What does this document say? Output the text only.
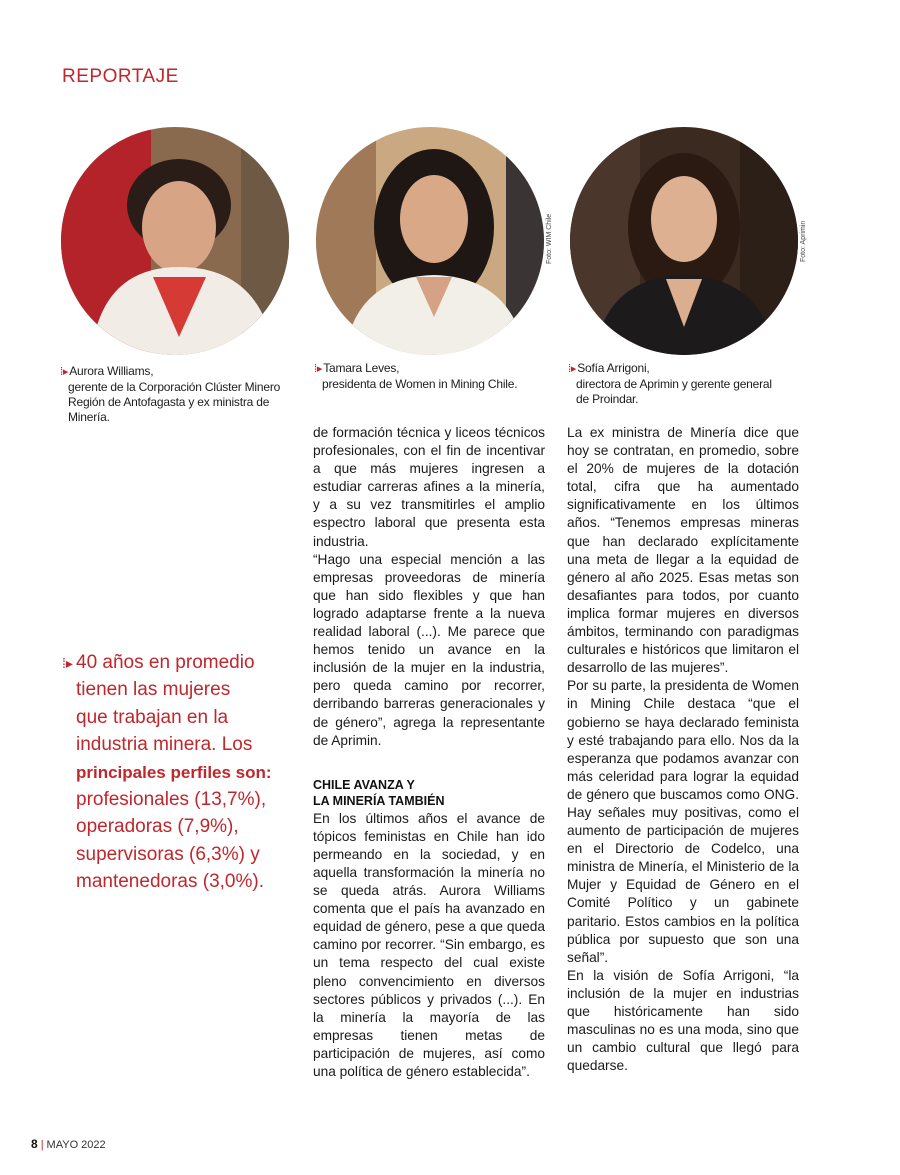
REPORTAJE
Foto: WIM Chile	Foto: Aprimin
⁞▸Aurora Williams,
gerente de la Corporación Clúster Minero
Región de Antofagasta y ex ministra de
Minería.
⁞▸Tamara Leves,
presidenta de Women in Mining Chile.
⁞▸Sofía Arrigoni,
directora de Aprimin y gerente general
de Proindar.
⁞▸ 40 años en promedio
tienen las mujeres
que trabajan en la
industria minera. Los
principales perfiles son:
profesionales (13,7%),
operadoras (7,9%),
supervisoras (6,3%) y
mantenedoras (3,0%).

de formación técnica y liceos técnicos profesionales, con el fin de incentivar a que más mujeres ingresen a estudiar carreras afines a la minería, y a su vez transmitirles el amplio espectro laboral que presenta esta industria.

“Hago una especial mención a las empresas proveedoras de minería que han sido flexibles y que han logrado adaptarse frente a la nueva realidad laboral (...). Me parece que hemos tenido un avance en la inclusión de la mujer en la industria, pero queda camino por recorrer, derribando barreras generacionales y de género”, agrega la representante de Aprimin.

CHILE AVANZA Y
LA MINERÍA TAMBIÉN

En los últimos años el avance de tópicos feministas en Chile han ido permeando en la sociedad, y en aquella transformación la minería no se queda atrás. Aurora Williams comenta que el país ha avanzado en equidad de género, pese a que queda camino por recorrer. “Sin embargo, es un tema respecto del cual existe pleno convencimiento en diversos sectores públicos y privados (...). En la minería la mayoría de las empresas tienen metas de participación de mujeres, así como una política de género establecida”.

La ex ministra de Minería dice que hoy se contratan, en promedio, sobre el 20% de mujeres de la dotación total, cifra que ha aumentado significativamente en los últimos años. “Tenemos empresas mineras que han declarado explícitamente una meta de llegar a la equidad de género al año 2025. Esas metas son desafiantes para todos, por cuanto implica formar mujeres en diversos ámbitos, terminando con paradigmas culturales e históricos que limitaron el desarrollo de las mujeres”.

Por su parte, la presidenta de Women in Mining Chile destaca “que el gobierno se haya declarado feminista y esté trabajando para ello. Nos da la esperanza que podamos avanzar con más celeridad para lograr la equidad de género que buscamos como ONG. Hay señales muy positivas, como el aumento de participación de mujeres en el Directorio de Codelco, una ministra de Minería, el Ministerio de la Mujer y Equidad de Género en el Comité Político y un gabinete paritario. Estos cambios en la política pública por supuesto que son una señal”.

En la visión de Sofía Arrigoni, “la inclusión de la mujer en industrias que históricamente han sido masculinas no es una moda, sino que un cambio cultural que llegó para quedarse.

8 | MAYO 2022
